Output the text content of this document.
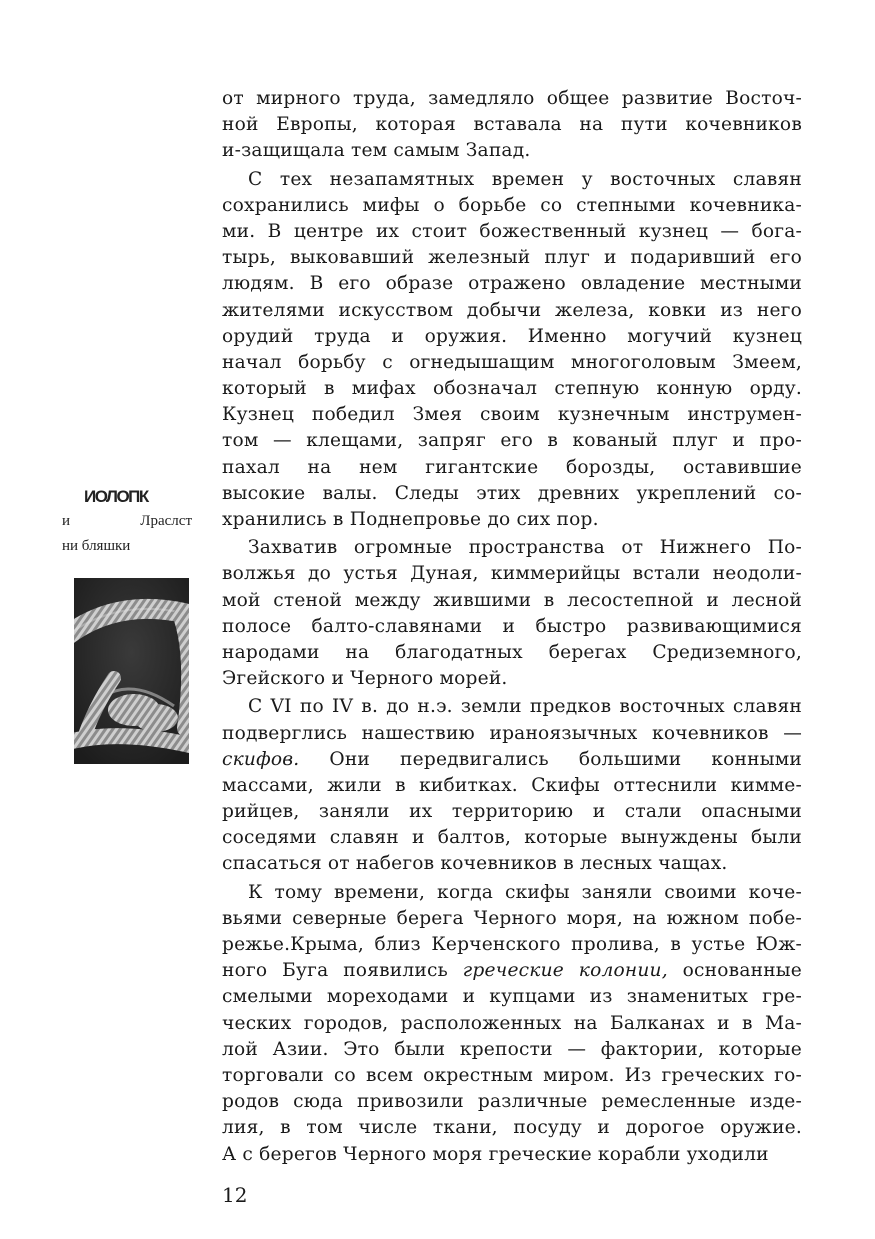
ИОЛОПК
и Лраслст
ни бляшки
от мирного труда, замедляло общее развитие Восточ-
ной Европы, которая вставала на пути кочевников
и-защищала тем самым Запад.
С тех незапамятных времен у восточных славян
сохранились мифы о борьбе со степными кочевника-
ми. В центре их стоит божественный кузнец — бога-
тырь, выковавший железный плуг и подаривший его
людям. В его образе отражено овладение местными
жителями искусством добычи железа, ковки из него
орудий труда и оружия. Именно могучий кузнец
начал борьбу с огнедышащим многоголовым Змеем,
который в мифах обозначал степную конную орду.
Кузнец победил Змея своим кузнечным инструмен-
том — клещами, запряг его в кованый плуг и про-
пахал на нем гигантские борозды, оставившие
высокие валы. Следы этих древних укреплений со-
хранились в Поднепровье до сих пор.
Захватив огромные пространства от Нижнего По-
волжья до устья Дуная, киммерийцы встали неодоли-
мой стеной между жившими в лесостепной и лесной
полосе балто-славянами и быстро развивающимися
народами на благодатных берегах Средиземного,
Эгейского и Черного морей.
С VI по IV в. до н.э. земли предков восточных славян
подверглись нашествию ираноязычных кочевников —
скифов. Они передвигались большими конными
массами, жили в кибитках. Скифы оттеснили кимме-
рийцев, заняли их территорию и стали опасными
соседями славян и балтов, которые вынуждены были
спасаться от набегов кочевников в лесных чащах.
К тому времени, когда скифы заняли своими коче-
вьями северные берега Черного моря, на южном побе-
режье.Крыма, близ Керченского пролива, в устье Юж-
ного Буга появились греческие колонии, основанные
смелыми мореходами и купцами из знаменитых гре-
ческих городов, расположенных на Балканах и в Ма-
лой Азии. Это были крепости — фактории, которые
торговали со всем окрестным миром. Из греческих го-
родов сюда привозили различные ремесленные изде-
лия, в том числе ткани, посуду и дорогое оружие.
А с берегов Черного моря греческие корабли уходили
12
